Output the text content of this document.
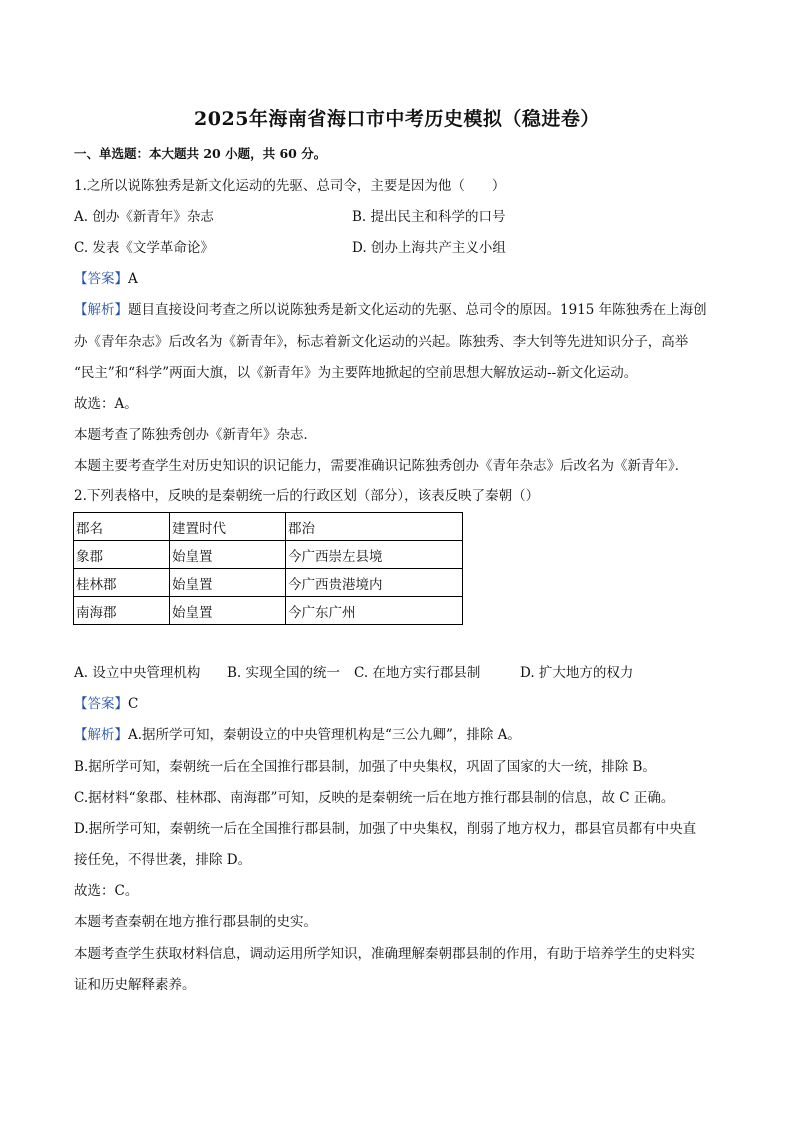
2025年海南省海口市中考历史模拟（稳进卷）
一、单选题：本大题共 20 小题，共 60 分。
1.之所以说陈独秀是新文化运动的先驱、总司令，主要是因为他（　　）
A. 创办《新青年》杂志	B. 提出民主和科学的口号
C. 发表《文学革命论》	D. 创办上海共产主义小组
【答案】A
【解析】题目直接设问考查之所以说陈独秀是新文化运动的先驱、总司令的原因。1915 年陈独秀在上海创
办《青年杂志》后改名为《新青年》，标志着新文化运动的兴起。陈独秀、李大钊等先进知识分子，高举
“民主”和“科学”两面大旗，以《新青年》为主要阵地掀起的空前思想大解放运动--新文化运动。
故选：A。
本题考查了陈独秀创办《新青年》杂志．
本题主要考查学生对历史知识的识记能力，需要准确识记陈独秀创办《青年杂志》后改名为《新青年》．
2.下列表格中，反映的是秦朝统一后的行政区划（部分），该表反映了秦朝（）
郡名	建置时代	郡治
象郡	始皇置	今广西崇左县境
桂林郡	始皇置	今广西贵港境内
南海郡	始皇置	今广东广州
A. 设立中央管理机构 B. 实现全国的统一 C. 在地方实行郡县制	D. 扩大地方的权力
【答案】C
【解析】A.据所学可知，秦朝设立的中央管理机构是“三公九卿”，排除 A。
B.据所学可知，秦朝统一后在全国推行郡县制，加强了中央集权，巩固了国家的大一统，排除 B。
C.据材料“象郡、桂林郡、南海郡”可知，反映的是秦朝统一后在地方推行郡县制的信息，故 C 正确。
D.据所学可知，秦朝统一后在全国推行郡县制，加强了中央集权，削弱了地方权力，郡县官员都有中央直
接任免，不得世袭，排除 D。
故选：C。
本题考查秦朝在地方推行郡县制的史实。
本题考查学生获取材料信息，调动运用所学知识，准确理解秦朝郡县制的作用，有助于培养学生的史料实
证和历史解释素养。
